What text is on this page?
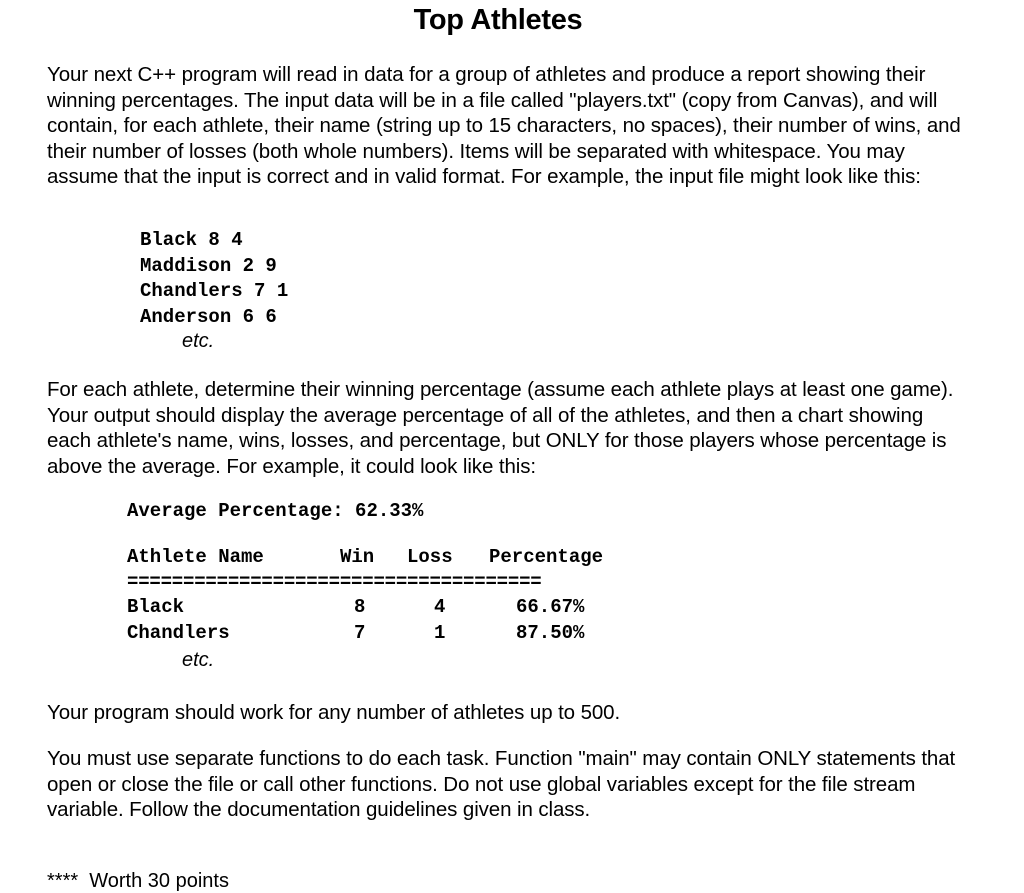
Top Athletes
Your next C++ program will read in data for a group of athletes and produce a report showing their winning percentages. The input data will be in a file called "players.txt" (copy from Canvas), and will contain, for each athlete, their name (string up to 15 characters, no spaces), their number of wins, and their number of losses (both whole numbers). Items will be separated with whitespace. You may assume that the input is correct and in valid format. For example, the input file might look like this:
Black 8 4
Maddison 2 9
Chandlers 7 1
Anderson 6 6
etc.
For each athlete, determine their winning percentage (assume each athlete plays at least one game). Your output should display the average percentage of all of the athletes, and then a chart showing each athlete's name, wins, losses, and percentage, but ONLY for those players whose percentage is above the average. For example, it could look like this:
Average Percentage: 62.33%
Athlete Name	Win Loss Percentage
=====================================
Black	8	4	66.67%
Chandlers	7	1	87.50%
etc.
Your program should work for any number of athletes up to 500.
You must use separate functions to do each task. Function "main" may contain ONLY statements that open or close the file or call other functions. Do not use global variables except for the file stream variable. Follow the documentation guidelines given in class.
****  Worth 30 points
